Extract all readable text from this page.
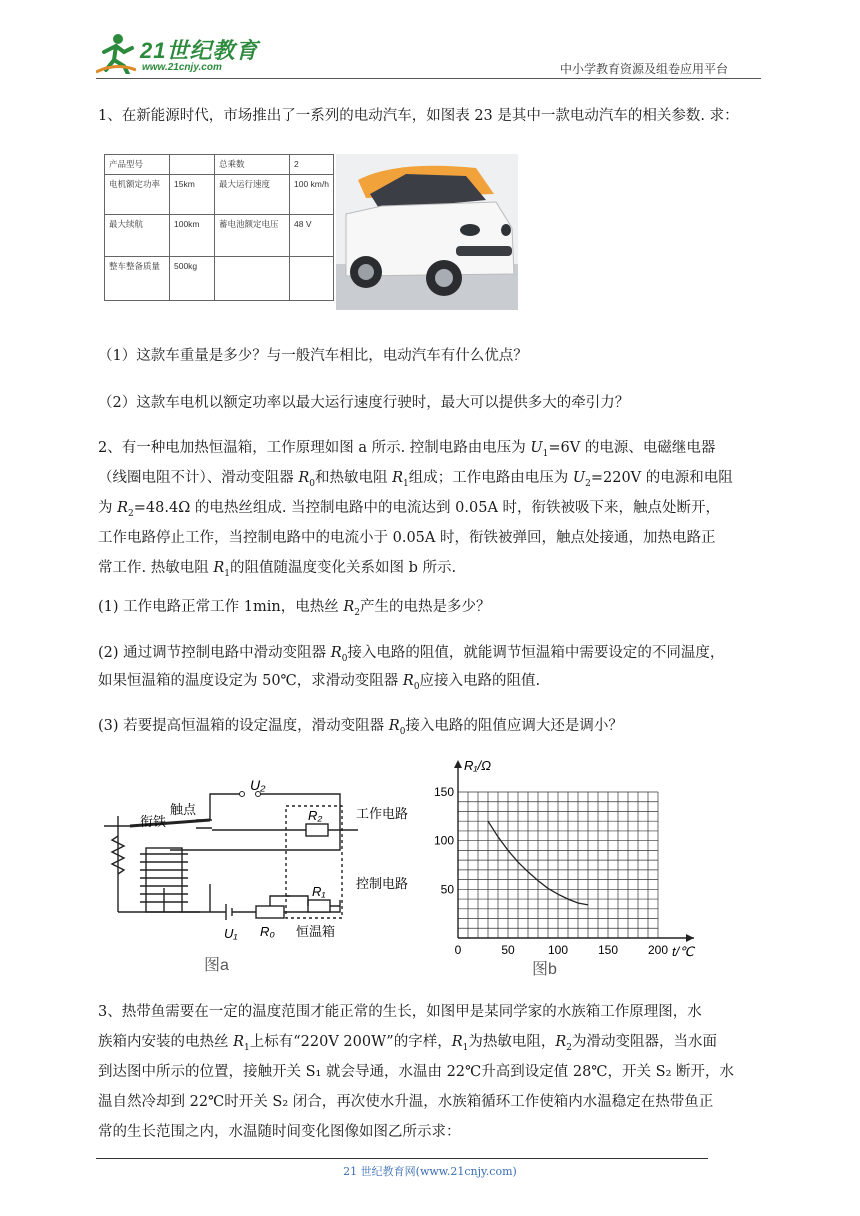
21世纪教育
www.21cnjy.com	中小学教育资源及组卷应用平台
1、在新能源时代，市场推出了一系列的电动汽车，如图表 23 是其中一款电动汽车的相关参数. 求：
产品型号		总乘数	2
电机额定功率	15km	最大运行速度	100 km/h
最大续航	100km	蓄电池额定电压	48 V
整车整备质量	500kg		
（1）这款车重量是多少？与一般汽车相比，电动汽车有什么优点？
（2）这款车电机以额定功率以最大运行速度行驶时，最大可以提供多大的牵引力？
2、有一种电加热恒温箱，工作原理如图 a 所示. 控制电路由电压为 $U_1=6V$ 的电源、电磁继电器
（线圈电阻不计）、滑动变阻器 $R_0$和热敏电阻 $R_1$组成；工作电路由电压为 $U_2=220V$ 的电源和电阻
为 $R_2=48.4\Omega$ 的电热丝组成. 当控制电路中的电流达到 0.05A 时，衔铁被吸下来，触点处断开，
工作电路停止工作，当控制电路中的电流小于 0.05A 时，衔铁被弹回，触点处接通，加热电路正
常工作. 热敏电阻 $R_1$的阻值随温度变化关系如图 b 所示.
(1) 工作电路正常工作 1min，电热丝 $R_2$产生的电热是多少？
(2) 通过调节控制电路中滑动变阻器 $R_0$接入电路的阻值，就能调节恒温箱中需要设定的不同温度，
如果恒温箱的温度设定为 50℃，求滑动变阻器 $R_0$应接入电路的阻值.
(3) 若要提高恒温箱的设定温度，滑动变阻器 $R_0$接入电路的阻值应调大还是调小？
U₂
触点
衔铁	R₂	工作电路
控制电路
R₁
U₁ R₀ 恒温箱
图a
0	50	100 150 200
50
100
150
R₁/Ω
t/℃
图b
3、热带鱼需要在一定的温度范围才能正常的生长，如图甲是某同学家的水族箱工作原理图，水
族箱内安装的电热丝 $R_1$上标有“220V 200W”的字样，$R_1$为热敏电阻，$R_2$为滑动变阻器，当水面
到达图中所示的位置，接触开关 S₁ 就会导通，水温由 22℃升高到设定值 28℃，开关 S₂ 断开，水
温自然冷却到 22℃时开关 S₂ 闭合，再次使水升温，水族箱循环工作使箱内水温稳定在热带鱼正
常的生长范围之内，水温随时间变化图像如图乙所示求：
21 世纪教育网(www.21cnjy.com)
